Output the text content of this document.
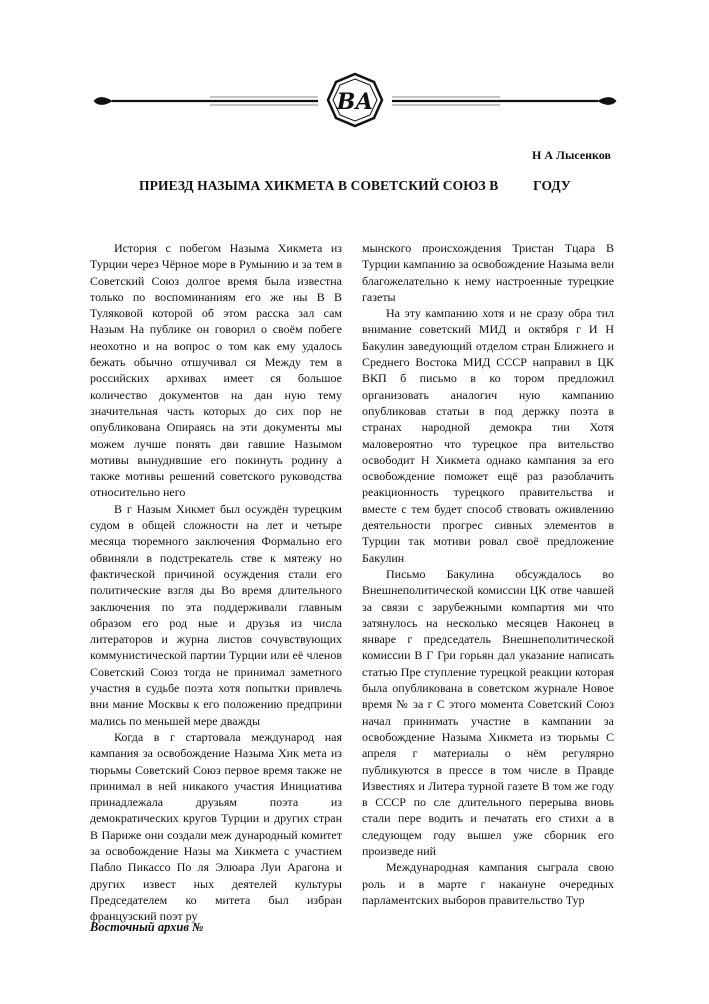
ВА
Н А Лысенков
ПРИЕЗД НАЗЫМА ХИКМЕТА В СОВЕТСКИЙ СОЮЗ В          ГОДУ

История с побегом Назыма Хикмета из Турции через Чёрное море в Румынию и за тем в Советский Союз долгое время была известна только по воспоминаниям его же ны В В Туляковой которой об этом расска зал сам Назым На публике он говорил о своём побеге неохотно и на вопрос о том как ему удалось бежать обычно отшучивал ся Между тем в российских архивах имеет ся большое количество документов на дан ную тему значительная часть которых до сих пор не опубликована Опираясь на эти документы мы можем лучше понять дви гавшие Назымом мотивы вынудившие его покинуть родину а также мотивы решений советского руководства относительно него

В г Назым Хикмет был осуждён турецким судом в общей сложности на лет и четыре месяца тюремного заключения Формально его обвиняли в подстрекатель стве к мятежу но фактической причиной осуждения стали его политические взгля ды Во время длительного заключения по эта поддерживали главным образом его род ные и друзья из числа литераторов и журна листов сочувствующих коммунистической партии Турции или её членов Советский Союз тогда не принимал заметного участия в судьбе поэта хотя попытки привлечь вни мание Москвы к его положению предприни мались по меньшей мере дважды

Когда в г стартовала международ ная кампания за освобождение Назыма Хик мета из тюрьмы Советский Союз первое время также не принимал в ней никакого участия Инициатива принадлежала друзьям поэта из демократических кругов Турции и других стран В Париже они создали меж дународный комитет за освобождение Назы ма Хикмета с участием Пабло Пикассо По ля Элюара Луи Арагона и других извест ных деятелей культуры Председателем ко митета был избран французский поэт ру

мынского происхождения Тристан Тцара В Турции кампанию за освобождение Назыма вели благожелательно к нему настроенные турецкие газеты

На эту кампанию хотя и не сразу обра тил внимание советский МИД и октября г И Н Бакулин заведующий отделом стран Ближнего и Среднего Востока МИД СССР направил в ЦК ВКП б письмо в ко тором предложил организовать аналогич ную кампанию опубликовав статьи в под держку поэта в странах народной демокра тии Хотя маловероятно что турецкое пра вительство освободит Н Хикмета однако кампания за его освобождение поможет ещё раз разоблачить реакционность турецкого правительства и вместе с тем будет способ ствовать оживлению деятельности прогрес сивных элементов в Турции так мотиви ровал своё предложение Бакулин

Письмо Бакулина обсуждалось во Внешнеполитической комиссии ЦК отве чавшей за связи с зарубежными компартия ми что затянулось на несколько месяцев Наконец в январе г председатель Внешнеполитической комиссии В Г Гри горьян дал указание написать статью Пре ступление турецкой реакции которая была опубликована в советском журнале Новое время № за г С этого момента Советский Союз начал принимать участие в кампании за освобождение Назыма Хикмета из тюрьмы С апреля г материалы о нём регулярно публикуются в прессе в том числе в Правде Известиях и Литера турной газете В том же году в СССР по сле длительного перерыва вновь стали пере водить и печатать его стихи а в следующем году вышел уже сборник его произведе ний

Международная кампания сыграла свою роль и в марте г накануне очередных парламентских выборов правительство Тур

Восточный архив №
